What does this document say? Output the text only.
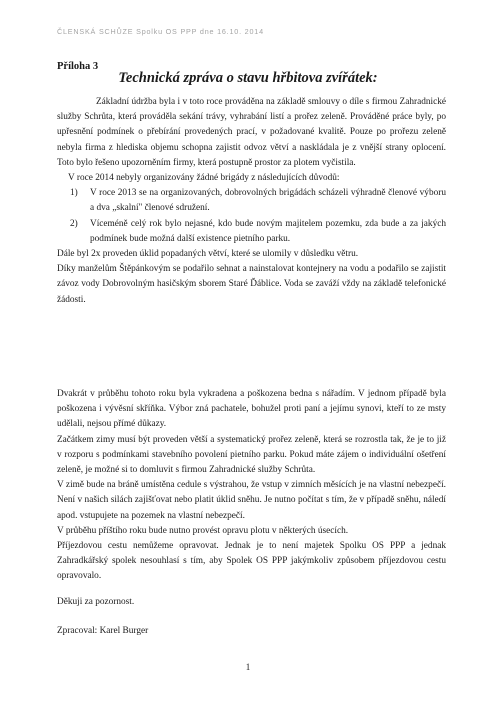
ČLENSKÁ SCHŮZE Spolku OS PPP dne 16.10. 2014
Příloha 3
Technická zpráva o stavu hřbitova zvířátek:

Základní údržba byla i v toto roce prováděna na základě smlouvy o díle s firmou Zahradnické služby Schrůta, která prováděla sekání trávy, vyhrabání listí a prořez zeleně. Prováděné práce byly, po upřesnění podmínek o přebírání provedených prací, v požadované kvalitě. Pouze po prořezu zeleně nebyla firma z hlediska objemu schopna zajistit odvoz větví a naskládala je z vnější strany oplocení. Toto bylo řešeno upozorněním firmy, která postupně prostor za plotem vyčistila.

V roce 2014 nebyly organizovány žádné brigády z následujících důvodů:

1) V roce 2013 se na organizovaných, dobrovolných brigádách scházeli výhradně členové výboru a dva „skalní" členové sdružení.
2) Víceméně celý rok bylo nejasné, kdo bude novým majitelem pozemku, zda bude a za jakých podmínek bude možná další existence pietního parku.

Dále byl 2x proveden úklid popadaných větví, které se ulomily v důsledku větru.

Díky manželům Štěpánkovým se podařilo sehnat a nainstalovat kontejnery na vodu a podařilo se zajistit závoz vody Dobrovolným hasičským sborem Staré Ďáblice. Voda se zaváží vždy na základě telefonické žádosti.

Dvakrát v průběhu tohoto roku byla vykradena a poškozena bedna s nářadím. V jednom případě byla poškozena i vývěsní skříňka. Výbor zná pachatele, bohužel proti paní a jejímu synovi, kteří to ze msty udělali, nejsou přímé důkazy.

Začátkem zimy musí být proveden větší a systematický prořez zeleně, která se rozrostla tak, že je to již v rozporu s podmínkami stavebního povolení pietního parku. Pokud máte zájem o individuální ošetření zeleně, je možné si to domluvit s firmou Zahradnické služby Schrůta.

V zimě bude na bráně umístěna cedule s výstrahou, že vstup v zimních měsících je na vlastní nebezpečí. Není v našich silách zajišťovat nebo platit úklid sněhu. Je nutno počítat s tím, že v případě sněhu, náledí apod. vstupujete na pozemek na vlastní nebezpečí.

V průběhu příštího roku bude nutno provést opravu plotu v některých úsecích.

Příjezdovou cestu nemůžeme opravovat. Jednak je to není majetek Spolku OS PPP a jednak Zahradkářský spolek nesouhlasí s tím, aby Spolek OS PPP jakýmkoliv způsobem příjezdovou cestu opravovalo.

Děkuji za pozornost.
Zpracoval: Karel Burger
1
